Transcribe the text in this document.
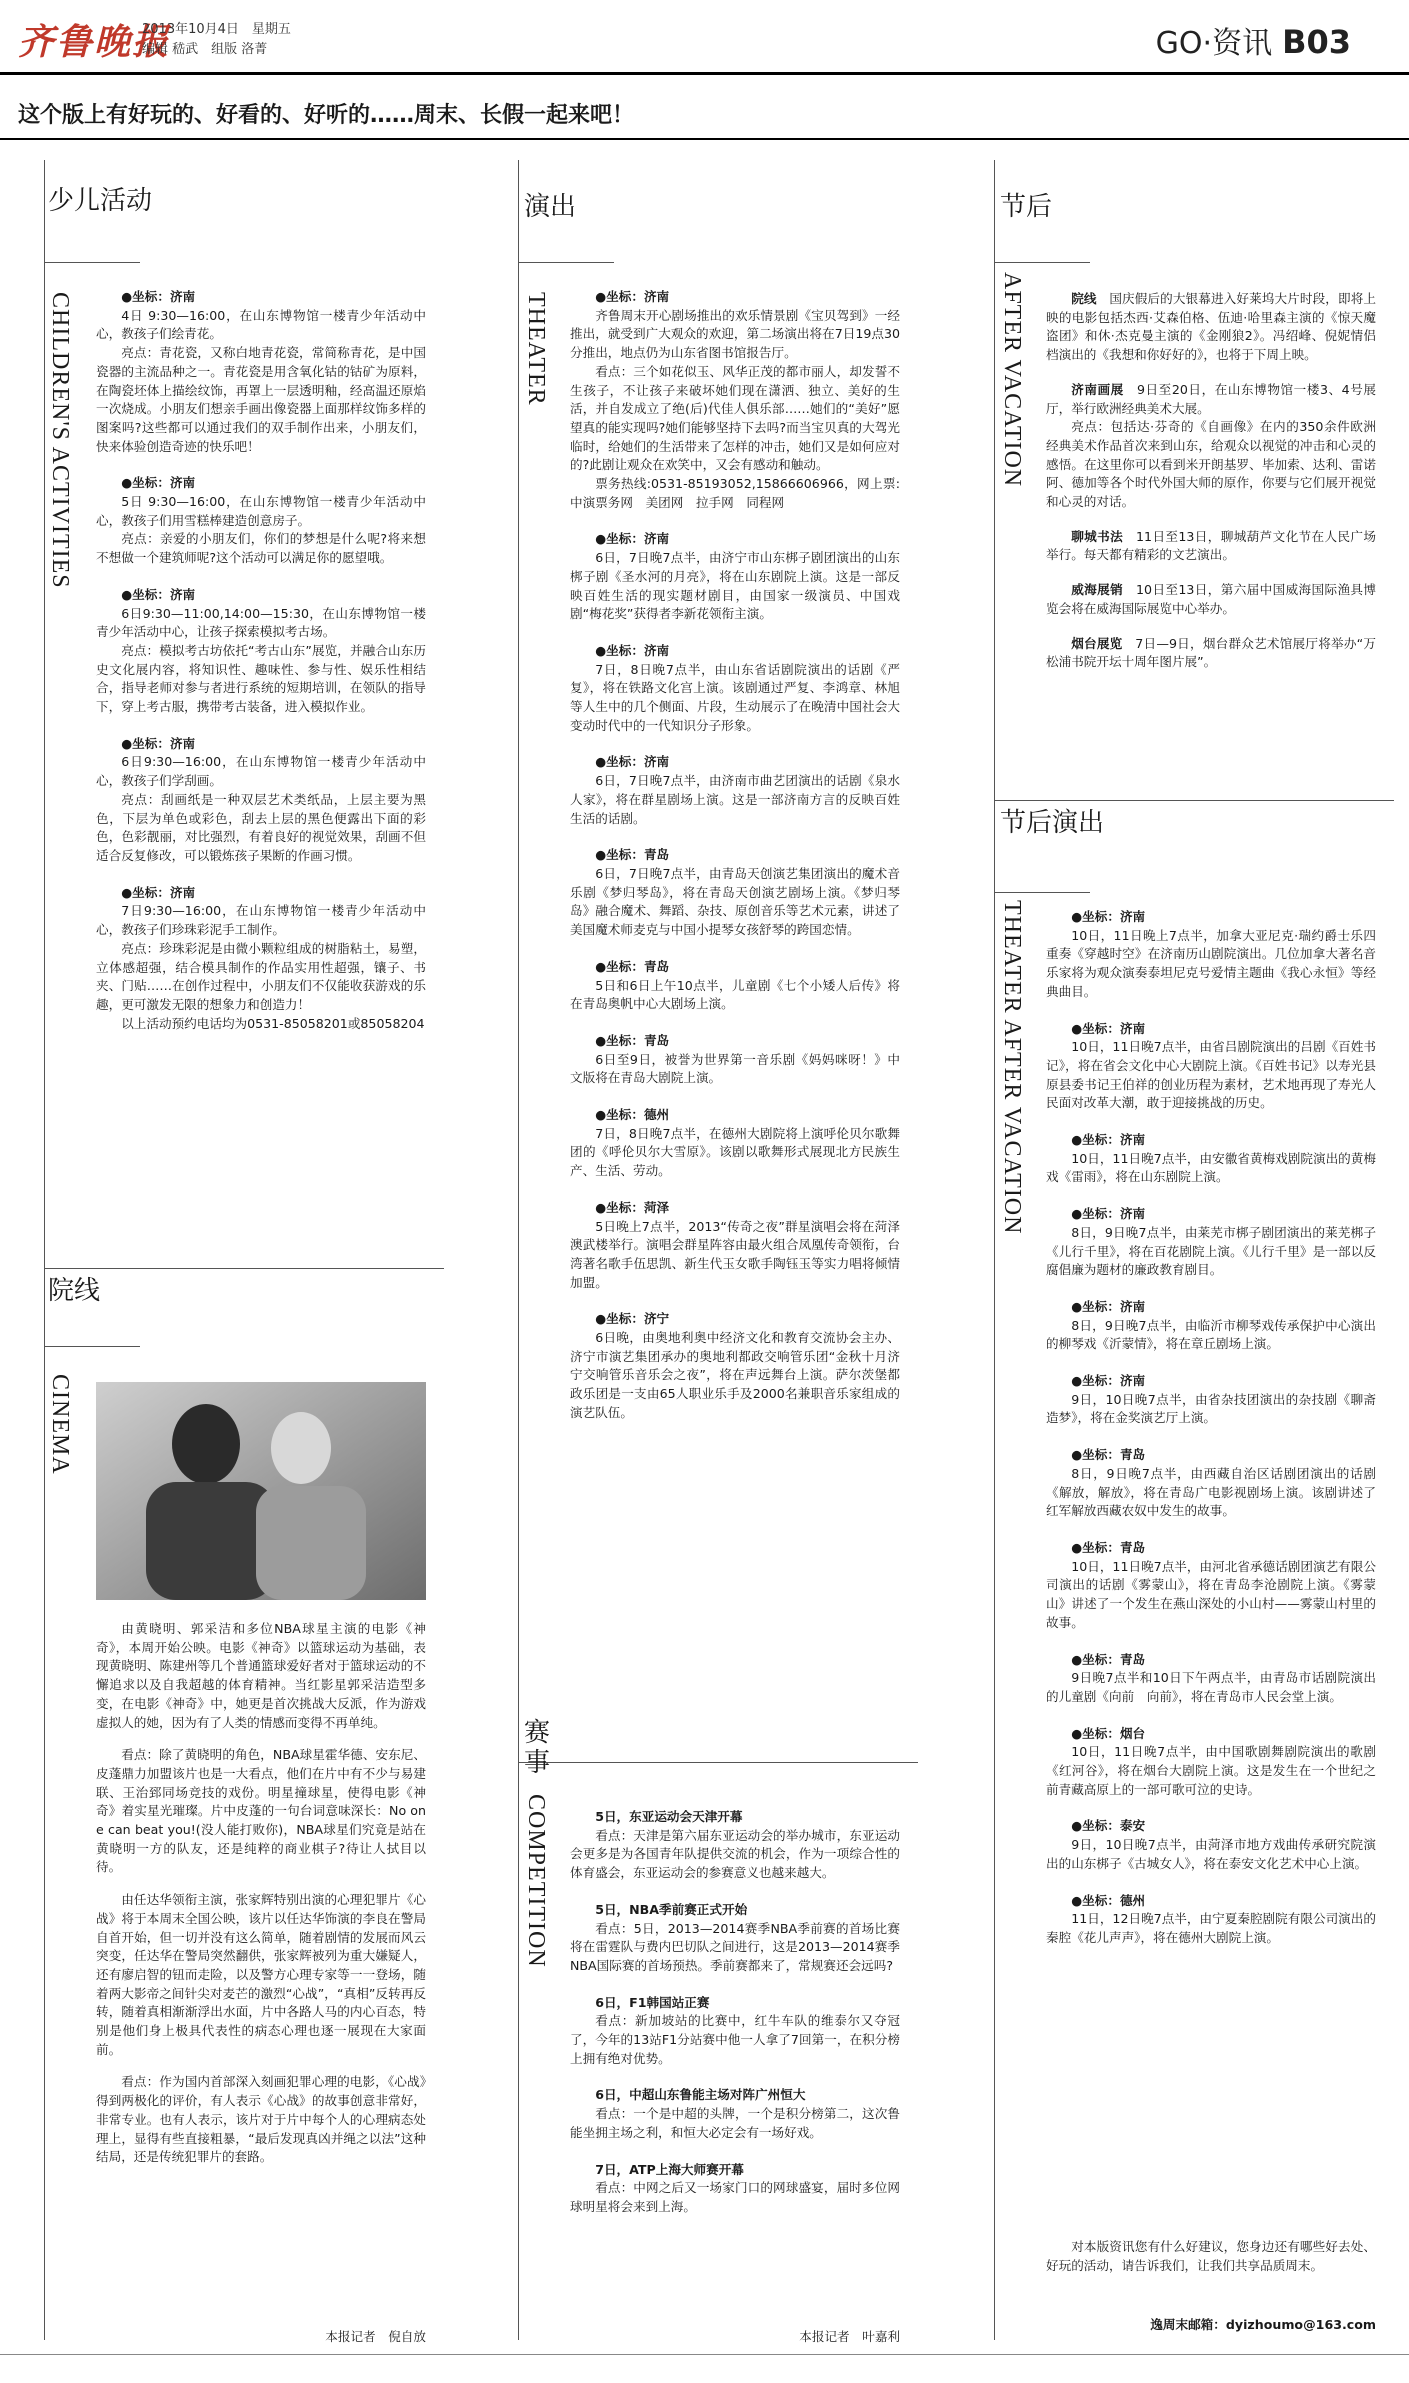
齐鲁晚报
2013年10月4日　星期五
编辑 嵇武　组版 洛菁	GO·资讯 B03
这个版上有好玩的、好看的、好听的……周末、长假一起来吧！
少儿活动
CHILDREN'S ACTIVITIES	●坐标：济南

4日 9:30—16:00，在山东博物馆一楼青少年活动中心，教孩子们绘青花。

亮点：青花瓷，又称白地青花瓷，常简称青花，是中国瓷器的主流品种之一。青花瓷是用含氧化钴的钴矿为原料，在陶瓷坯体上描绘纹饰，再罩上一层透明釉，经高温还原焰一次烧成。小朋友们想亲手画出像瓷器上面那样纹饰多样的图案吗?这些都可以通过我们的双手制作出来，小朋友们，快来体验创造奇迹的快乐吧！

●坐标：济南

5日 9:30—16:00，在山东博物馆一楼青少年活动中心，教孩子们用雪糕棒建造创意房子。

亮点：亲爱的小朋友们，你们的梦想是什么呢?将来想不想做一个建筑师呢?这个活动可以满足你的愿望哦。

●坐标：济南

6日9:30—11:00,14:00—15:30，在山东博物馆一楼青少年活动中心，让孩子探索模拟考古场。

亮点：模拟考古坊依托“考古山东”展览，并融合山东历史文化展内容，将知识性、趣味性、参与性、娱乐性相结合，指导老师对参与者进行系统的短期培训，在领队的指导下，穿上考古服，携带考古装备，进入模拟作业。

●坐标：济南

6日9:30—16:00，在山东博物馆一楼青少年活动中心，教孩子们学刮画。

亮点：刮画纸是一种双层艺术类纸品，上层主要为黑色，下层为单色或彩色，刮去上层的黑色便露出下面的彩色，色彩靓丽，对比强烈，有着良好的视觉效果，刮画不但适合反复修改，可以锻炼孩子果断的作画习惯。

●坐标：济南

7日9:30—16:00，在山东博物馆一楼青少年活动中心，教孩子们珍珠彩泥手工制作。

亮点：珍珠彩泥是由微小颗粒组成的树脂粘土，易塑，立体感超强，结合模具制作的作品实用性超强，镶子、书夹、门贴……在创作过程中，小朋友们不仅能收获游戏的乐趣，更可激发无限的想象力和创造力！

以上活动预约电话均为0531-85058201或85058204

院线
CINEMA

由黄晓明、郭采洁和多位NBA球星主演的电影《神奇》，本周开始公映。电影《神奇》以篮球运动为基础，表现黄晓明、陈建州等几个普通篮球爱好者对于篮球运动的不懈追求以及自我超越的体育精神。当红影星郭采洁造型多变，在电影《神奇》中，她更是首次挑战大反派，作为游戏虚拟人的她，因为有了人类的情感而变得不再单纯。

看点：除了黄晓明的角色，NBA球星霍华德、安东尼、皮蓬鼎力加盟该片也是一大看点，他们在片中有不少与易建联、王治郅同场竞技的戏份。明星撞球星，使得电影《神奇》着实星光璀璨。片中皮蓬的一句台词意味深长：No one can beat you!(没人能打败你)，NBA球星们究竟是站在黄晓明一方的队友，还是纯粹的商业棋子?待让人拭目以待。

由任达华领衔主演，张家辉特别出演的心理犯罪片《心战》将于本周末全国公映，该片以任达华饰演的李良在警局自首开始，但一切并没有这么简单，随着剧情的发展而风云突变，任达华在警局突然翻供，张家辉被列为重大嫌疑人，还有廖启智的钮而走险，以及警方心理专家等一一登场，随着两大影帝之间针尖对麦芒的激烈“心战”，“真相”反转再反转，随着真相渐渐浮出水面，片中各路人马的内心百态，特别是他们身上极具代表性的病态心理也逐一展现在大家面前。

看点：作为国内首部深入刻画犯罪心理的电影，《心战》得到两极化的评价，有人表示《心战》的故事创意非常好，非常专业。也有人表示，该片对于片中每个人的心理病态处理上，显得有些直接粗暴，“最后发现真凶并绳之以法”这种结局，还是传统犯罪片的套路。

本报记者　倪自放
演出
THEATER	●坐标：济南

齐鲁周末开心剧场推出的欢乐情景剧《宝贝驾到》一经推出，就受到广大观众的欢迎，第二场演出将在7日19点30分推出，地点仍为山东省图书馆报告厅。

看点：三个如花似玉、风华正茂的都市丽人，却发誓不生孩子，不让孩子来破坏她们现在潇洒、独立、美好的生活，并自发成立了绝(后)代佳人俱乐部……她们的“美好”愿望真的能实现吗?她们能够坚持下去吗?而当宝贝真的大驾光临时，给她们的生活带来了怎样的冲击，她们又是如何应对的?此剧让观众在欢笑中，又会有感动和触动。

票务热线:0531-85193052,15866606966，网上票:中演票务网　美团网　拉手网　同程网

●坐标：济南

6日，7日晚7点半，由济宁市山东梆子剧团演出的山东梆子剧《圣水河的月亮》，将在山东剧院上演。这是一部反映百姓生活的现实题材剧目，由国家一级演员、中国戏剧“梅花奖”获得者李新花领衔主演。

●坐标：济南

7日，8日晚7点半，由山东省话剧院演出的话剧《严复》，将在铁路文化宫上演。该剧通过严复、李鸿章、林旭等人生中的几个侧面、片段，生动展示了在晚清中国社会大变动时代中的一代知识分子形象。

●坐标：济南

6日，7日晚7点半，由济南市曲艺团演出的话剧《泉水人家》，将在群星剧场上演。这是一部济南方言的反映百姓生活的话剧。

●坐标：青岛

6日，7日晚7点半，由青岛天创演艺集团演出的魔术音乐剧《梦归琴岛》，将在青岛天创演艺剧场上演。《梦归琴岛》融合魔术、舞蹈、杂技、原创音乐等艺术元素，讲述了美国魔术师麦克与中国小提琴女孩舒琴的跨国恋情。

●坐标：青岛

5日和6日上午10点半，儿童剧《七个小矮人后传》将在青岛奥帆中心大剧场上演。

●坐标：青岛

6日至9日，被誉为世界第一音乐剧《妈妈咪呀！》中文版将在青岛大剧院上演。

●坐标：德州

7日，8日晚7点半，在德州大剧院将上演呼伦贝尔歌舞团的《呼伦贝尔大雪原》。该剧以歌舞形式展现北方民族生产、生活、劳动。

●坐标：菏泽

5日晚上7点半，2013“传奇之夜”群星演唱会将在菏泽澳武楼举行。演唱会群星阵容由最火组合凤凰传奇领衔，台湾著名歌手伍思凯、新生代玉女歌手陶钰玉等实力唱将倾情加盟。

●坐标：济宁

6日晚，由奥地利奥中经济文化和教育交流协会主办、济宁市演艺集团承办的奥地利都政交响管乐团“金秋十月济宁交响管乐音乐会之夜”，将在声远舞台上演。萨尔茨堡都政乐团是一支由65人职业乐手及2000名兼职音乐家组成的演艺队伍。

赛事
COMPETITION	5日，东亚运动会天津开幕

看点：天津是第六届东亚运动会的举办城市，东亚运动会更多是为各国青年队提供交流的机会，作为一项综合性的体育盛会，东亚运动会的参赛意义也越来越大。

5日，NBA季前赛正式开始

看点：5日，2013—2014赛季NBA季前赛的首场比赛将在雷霆队与费内巴切队之间进行，这是2013—2014赛季NBA国际赛的首场预热。季前赛都来了，常规赛还会远吗?

6日，F1韩国站正赛

看点：新加坡站的比赛中，红牛车队的维泰尔又夺冠了，今年的13站F1分站赛中他一人拿了7回第一，在积分榜上拥有绝对优势。

6日，中超山东鲁能主场对阵广州恒大

看点：一个是中超的头牌，一个是积分榜第二，这次鲁能坐拥主场之利，和恒大必定会有一场好戏。

7日，ATP上海大师赛开幕

看点：中网之后又一场家门口的网球盛宴，届时多位网球明星将会来到上海。

本报记者　叶嘉利
节后
AFTER VACATION	院线　国庆假后的大银幕进入好莱坞大片时段，即将上映的电影包括杰西·艾森伯格、伍迪·哈里森主演的《惊天魔盗团》和休·杰克曼主演的《金刚狼2》。冯绍峰、倪妮情侣档演出的《我想和你好好的》，也将于下周上映。

济南画展　9日至20日，在山东博物馆一楼3、4号展厅，举行欧洲经典美术大展。

亮点：包括达·芬奇的《自画像》在内的350余件欧洲经典美术作品首次来到山东，给观众以视觉的冲击和心灵的感悟。在这里你可以看到米开朗基罗、毕加索、达利、雷诺阿、德加等各个时代外国大师的原作，你要与它们展开视觉和心灵的对话。

聊城书法　11日至13日，聊城葫芦文化节在人民广场举行。每天都有精彩的文艺演出。

威海展销　10日至13日，第六届中国威海国际渔具博览会将在威海国际展览中心举办。

烟台展览　7日—9日，烟台群众艺术馆展厅将举办“万松浦书院开坛十周年图片展”。

节后演出
THEATER AFTER VACATION	●坐标：济南

10日，11日晚上7点半，加拿大亚尼克·瑞约爵士乐四重奏《穿越时空》在济南历山剧院演出。几位加拿大著名音乐家将为观众演奏泰坦尼克号爱情主题曲《我心永恒》等经典曲目。

●坐标：济南

10日，11日晚7点半，由省吕剧院演出的吕剧《百姓书记》，将在省会文化中心大剧院上演。《百姓书记》以寿光县原县委书记王伯祥的创业历程为素材，艺术地再现了寿光人民面对改革大潮，敢于迎接挑战的历史。

●坐标：济南

10日，11日晚7点半，由安徽省黄梅戏剧院演出的黄梅戏《雷雨》，将在山东剧院上演。

●坐标：济南

8日，9日晚7点半，由莱芜市梆子剧团演出的莱芜梆子《儿行千里》，将在百花剧院上演。《儿行千里》是一部以反腐倡廉为题材的廉政教育剧目。

●坐标：济南

8日，9日晚7点半，由临沂市柳琴戏传承保护中心演出的柳琴戏《沂蒙情》，将在章丘剧场上演。

●坐标：济南

9日，10日晚7点半，由省杂技团演出的杂技剧《聊斋造梦》，将在金奖演艺厅上演。

●坐标：青岛

8日，9日晚7点半，由西藏自治区话剧团演出的话剧《解放，解放》，将在青岛广电影视剧场上演。该剧讲述了红军解放西藏农奴中发生的故事。

●坐标：青岛

10日，11日晚7点半，由河北省承德话剧团演艺有限公司演出的话剧《雾蒙山》，将在青岛李沧剧院上演。《雾蒙山》讲述了一个发生在燕山深处的小山村——雾蒙山村里的故事。

●坐标：青岛

9日晚7点半和10日下午两点半，由青岛市话剧院演出的儿童剧《向前　向前》，将在青岛市人民会堂上演。

●坐标：烟台

10日，11日晚7点半，由中国歌剧舞剧院演出的歌剧《红河谷》，将在烟台大剧院上演。这是发生在一个世纪之前青藏高原上的一部可歌可泣的史诗。

●坐标：泰安

9日，10日晚7点半，由菏泽市地方戏曲传承研究院演出的山东梆子《古城女人》，将在泰安文化艺术中心上演。

●坐标：德州

11日，12日晚7点半，由宁夏秦腔剧院有限公司演出的秦腔《花儿声声》，将在德州大剧院上演。

对本版资讯您有什么好建议，您身边还有哪些好去处、好玩的活动，请告诉我们，让我们共享品质周末。

逸周末邮箱：dyizhoumo@163.com
